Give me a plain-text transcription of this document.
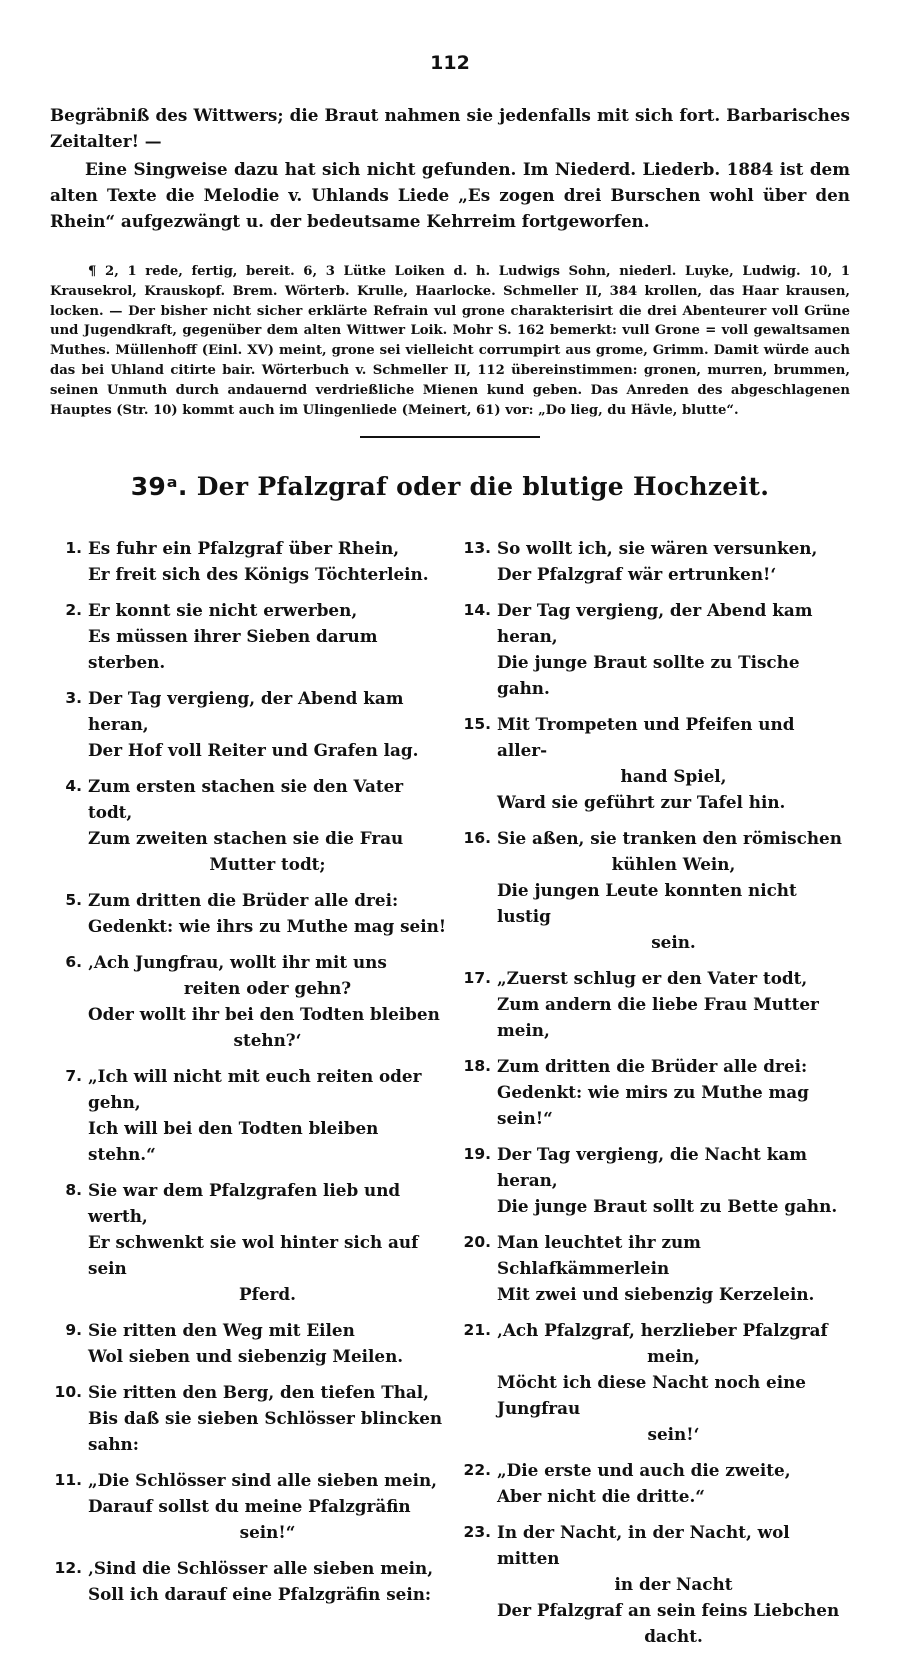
112

Begräbniß des Wittwers; die Braut nahmen sie jedenfalls mit sich fort. Barbarisches Zeitalter! —

Eine Singweise dazu hat sich nicht gefunden. Im Niederd. Liederb. 1884 ist dem alten Texte die Melodie v. Uhlands Liede „Es zogen drei Burschen wohl über den Rhein“ aufgezwängt u. der bedeutsame Kehrreim fortgeworfen.

¶ 2, 1 rede, fertig, bereit. 6, 3 Lütke Loiken d. h. Ludwigs Sohn, niederl. Luyke, Ludwig. 10, 1 Krausekrol, Krauskopf. Brem. Wörterb. Krulle, Haarlocke. Schmeller II, 384 krollen, das Haar krausen, locken. — Der bisher nicht sicher erklärte Refrain vul grone charakterisirt die drei Abenteurer voll Grüne und Jugendkraft, gegenüber dem alten Wittwer Loik. Mohr S. 162 bemerkt: vull Grone = voll gewaltsamen Muthes. Müllenhoff (Einl. XV) meint, grone sei vielleicht corrumpirt aus grome, Grimm. Damit würde auch das bei Uhland citirte bair. Wörterbuch v. Schmeller II, 112 übereinstimmen: gronen, murren, brummen, seinen Unmuth durch andauernd verdrießliche Mienen kund geben. Das Anreden des abgeschlagenen Hauptes (Str. 10) kommt auch im Ulingenliede (Meinert, 61) vor: „Do lieg, du Hävle, blutte“.
39ᵃ. Der Pfalzgraf oder die blutige Hochzeit.
1. Es fuhr ein Pfalzgraf über Rhein,
Er freit sich des Königs Töchterlein.
2. Er konnt sie nicht erwerben,
Es müssen ihrer Sieben darum sterben.
3. Der Tag vergieng, der Abend kam heran,
Der Hof voll Reiter und Grafen lag.
4. Zum ersten stachen sie den Vater todt,
Zum zweiten stachen sie die Frau
Mutter todt;
5. Zum dritten die Brüder alle drei:
Gedenkt: wie ihrs zu Muthe mag sein!
6. ‚Ach Jungfrau, wollt ihr mit uns
reiten oder gehn?
Oder wollt ihr bei den Todten bleiben
stehn?‘
7. „Ich will nicht mit euch reiten oder gehn,
Ich will bei den Todten bleiben stehn.“
8. Sie war dem Pfalzgrafen lieb und werth,
Er schwenkt sie wol hinter sich auf sein
Pferd.
9. Sie ritten den Weg mit Eilen
Wol sieben und siebenzig Meilen.
10. Sie ritten den Berg, den tiefen Thal,
Bis daß sie sieben Schlösser blincken sahn:
11. „Die Schlösser sind alle sieben mein,
Darauf sollst du meine Pfalzgräfin
sein!“
12. ‚Sind die Schlösser alle sieben mein,
Soll ich darauf eine Pfalzgräfin sein:
13. So wollt ich, sie wären versunken,
Der Pfalzgraf wär ertrunken!‘
14. Der Tag vergieng, der Abend kam heran,
Die junge Braut sollte zu Tische gahn.
15. Mit Trompeten und Pfeifen und aller-
hand Spiel,
Ward sie geführt zur Tafel hin.
16. Sie aßen, sie tranken den römischen
kühlen Wein,
Die jungen Leute konnten nicht lustig
sein.
17. „Zuerst schlug er den Vater todt,
Zum andern die liebe Frau Mutter mein,
18. Zum dritten die Brüder alle drei:
Gedenkt: wie mirs zu Muthe mag sein!“
19. Der Tag vergieng, die Nacht kam heran,
Die junge Braut sollt zu Bette gahn.
20. Man leuchtet ihr zum Schlafkämmerlein
Mit zwei und siebenzig Kerzelein.
21. ‚Ach Pfalzgraf, herzlieber Pfalzgraf
mein,
Möcht ich diese Nacht noch eine Jungfrau
sein!‘
22. „Die erste und auch die zweite,
Aber nicht die dritte.“
23. In der Nacht, in der Nacht, wol mitten
in der Nacht
Der Pfalzgraf an sein feins Liebchen
dacht.
